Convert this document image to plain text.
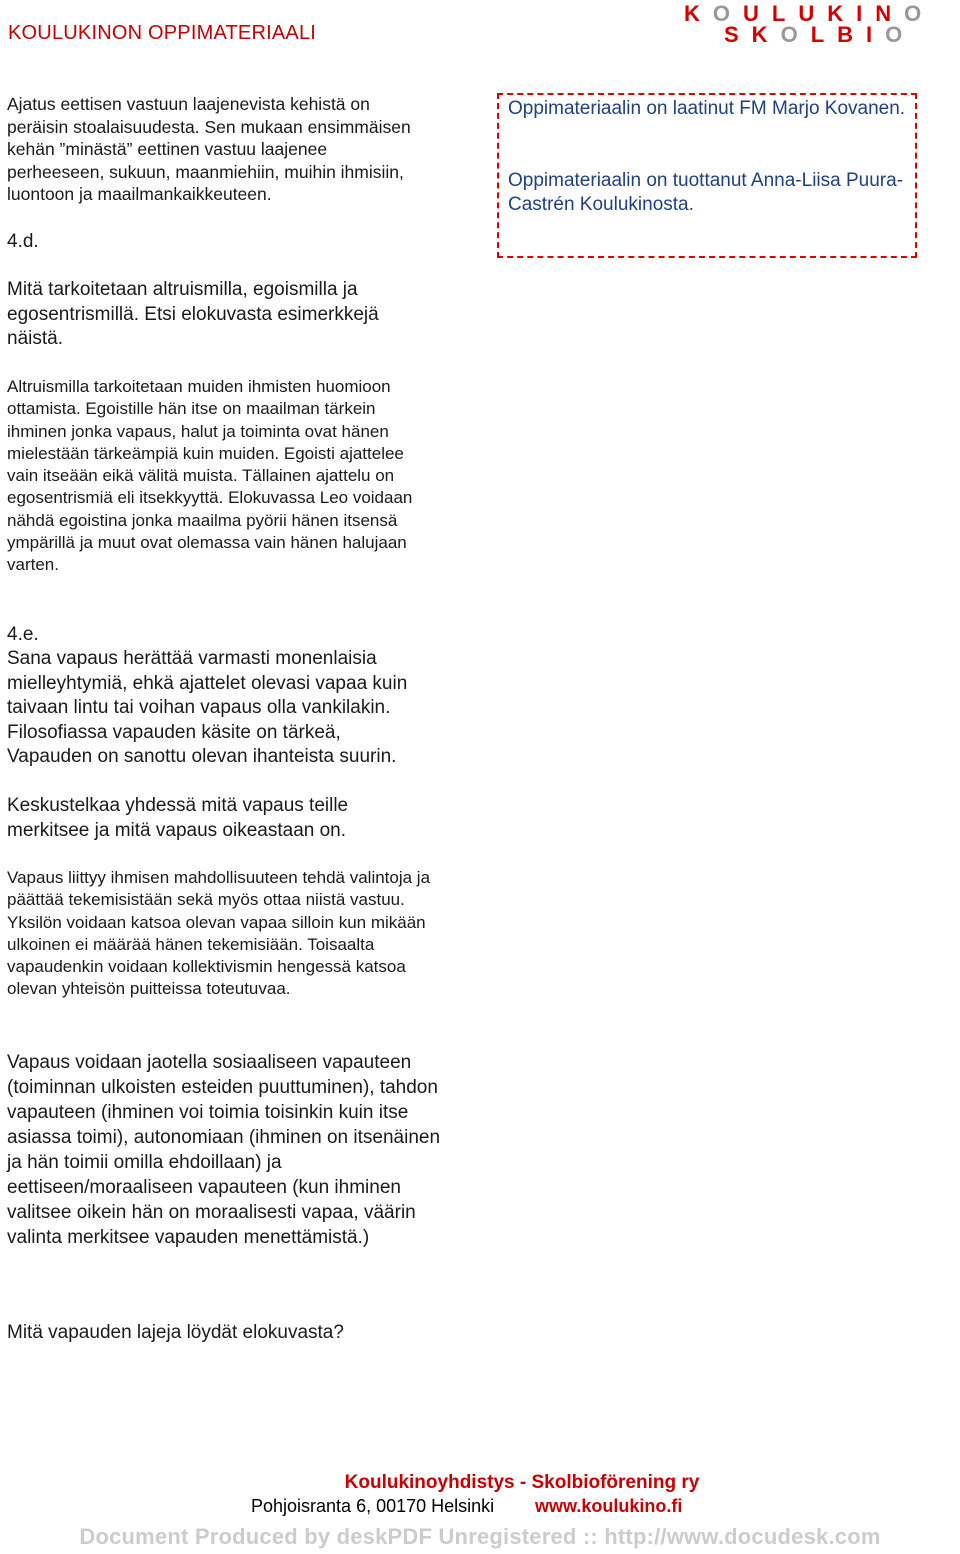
KOULUKINON OPPIMATERIAALI
KOULUKINO
SKOLBIO
Oppimateriaalin on laatinut FM Marjo Kovanen.
Oppimateriaalin on tuottanut Anna-Liisa Puura-Castrén Koulukinosta.
Ajatus eettisen vastuun laajenevista kehistä on peräisin stoalaisuudesta. Sen mukaan ensimmäisen kehän ”minästä” eettinen vastuu laajenee perheeseen, sukuun, maanmiehiin, muihin ihmisiin, luontoon ja maailmankaikkeuteen.
4.d.
Mitä tarkoitetaan altruismilla, egoismilla ja egosentrismillä. Etsi elokuvasta esimerkkejä näistä.
Altruismilla tarkoitetaan muiden ihmisten huomioon ottamista. Egoistille hän itse on maailman tärkein ihminen jonka vapaus, halut ja toiminta ovat hänen mielestään tärkeämpiä kuin muiden. Egoisti ajattelee vain itseään eikä välitä muista. Tällainen ajattelu on egosentrismiä eli itsekkyyttä. Elokuvassa Leo voidaan nähdä egoistina jonka maailma pyörii hänen itsensä ympärillä ja muut ovat olemassa vain hänen halujaan varten.
4.e.
Sana vapaus herättää varmasti monenlaisia mielleyhtymiä, ehkä ajattelet olevasi vapaa kuin taivaan lintu tai voihan vapaus olla vankilakin. Filosofiassa vapauden käsite on tärkeä, Vapauden on sanottu olevan ihanteista suurin.
Keskustelkaa yhdessä mitä vapaus teille merkitsee ja mitä vapaus oikeastaan on.
Vapaus liittyy ihmisen mahdollisuuteen tehdä valintoja ja päättää tekemisistään sekä myös ottaa niistä vastuu. Yksilön voidaan katsoa olevan vapaa silloin kun mikään ulkoinen ei määrää hänen tekemisiään. Toisaalta vapaudenkin voidaan kollektivismin hengessä katsoa olevan yhteisön puitteissa toteutuvaa.
Vapaus voidaan jaotella sosiaaliseen vapauteen (toiminnan ulkoisten esteiden puuttuminen), tahdon vapauteen (ihminen voi toimia toisinkin kuin itse asiassa toimi), autonomiaan (ihminen on itsenäinen ja hän toimii omilla ehdoillaan) ja eettiseen/moraaliseen vapauteen (kun ihminen valitsee oikein hän on moraalisesti vapaa, väärin valinta merkitsee vapauden menettämistä.)
Mitä vapauden lajeja löydät elokuvasta?
Koulukinoyhdistys - Skolbioförening ry
Pohjoisranta 6, 00170 Helsinki www.koulukino.fi
Document Produced by deskPDF Unregistered :: http://www.docudesk.com
